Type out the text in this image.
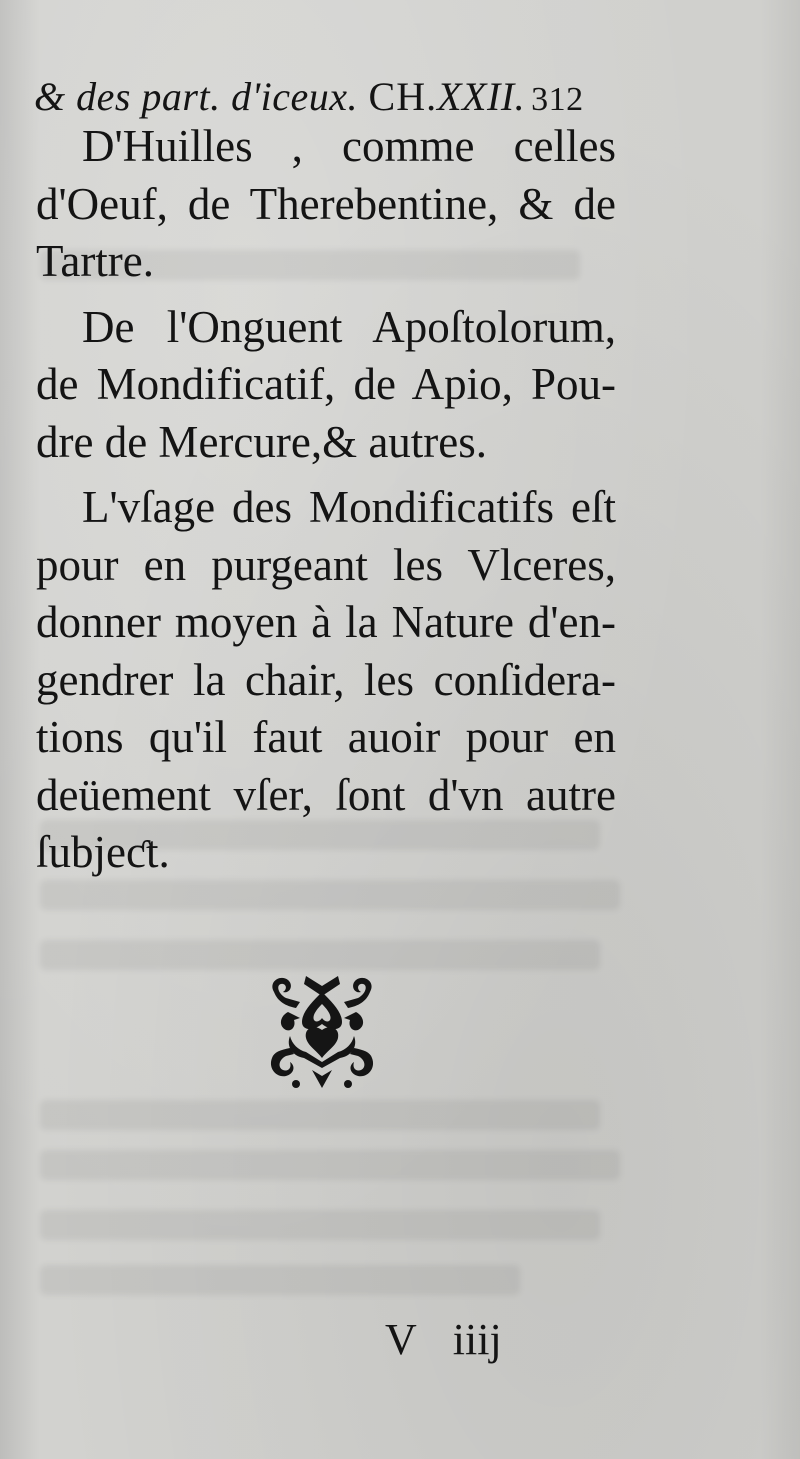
& des part. d'iceux. CH.XXII. 312
D'Huilles , comme celles
d'Oeuf, de Therebentine, & de
Tartre.
De l'Onguent Apoſtolorum,
de Mondificatif, de Apio, Pou-
dre de Mercure,& autres.
L'vſage des Mondificatifs eſt
pour en purgeant les Vlceres,
donner moyen à la Nature d'en-
gendrer la chair, les conſidera-
tions qu'il faut auoir pour en
deüement vſer, ſont d'vn autre
ſubjeƈt.
V iiij
